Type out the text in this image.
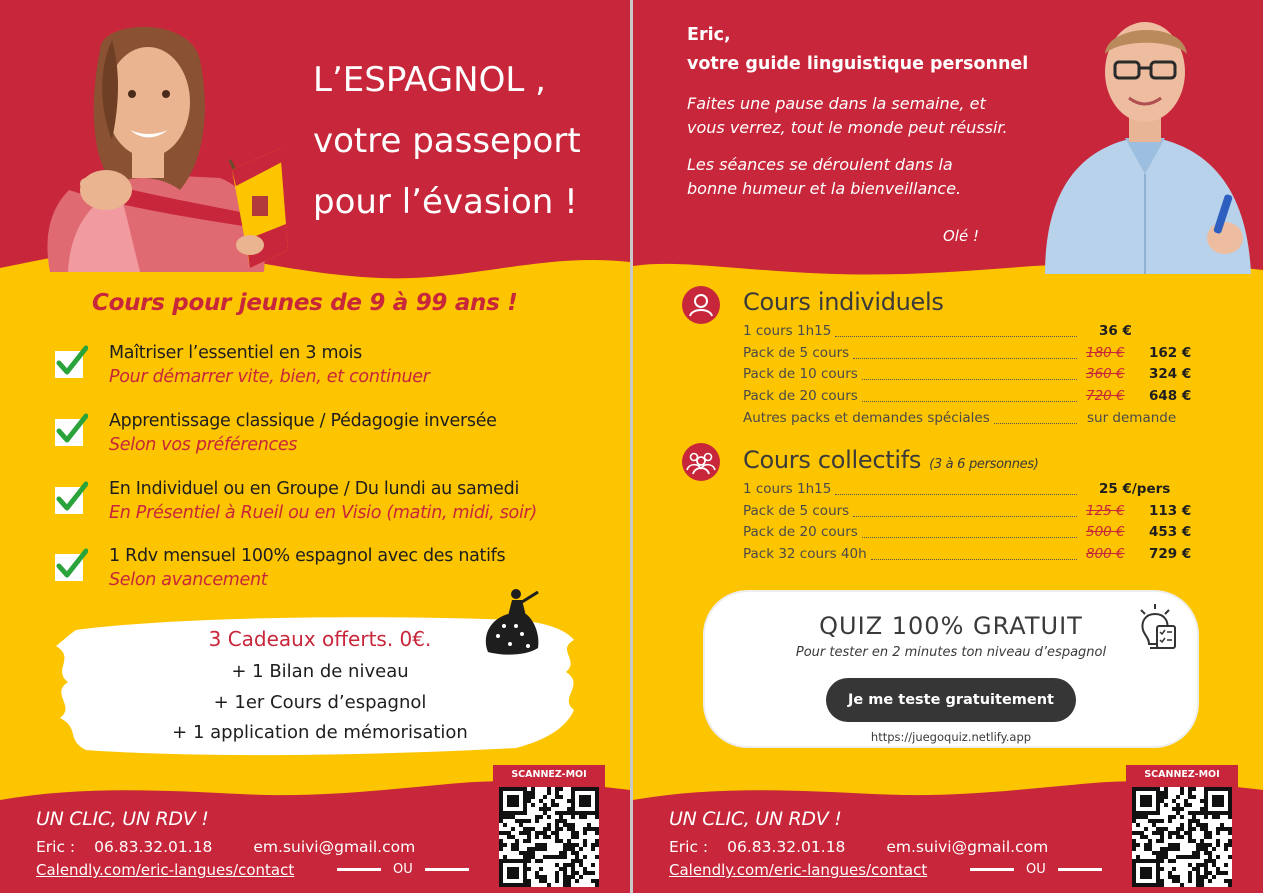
L’ESPAGNOL ,
votre passeport
pour l’évasion !
Cours pour jeunes de 9 à 99 ans !
Maîtriser l’essentiel en 3 mois
Pour démarrer vite, bien, et continuer
Apprentissage classique / Pédagogie inversée
Selon vos préférences
En Individuel ou en Groupe / Du lundi au samedi
En Présentiel à Rueil ou en Visio (matin, midi, soir)
1 Rdv mensuel 100% espagnol avec des natifs
Selon avancement
3 Cadeaux offerts. 0€.
+ 1 Bilan de niveau
+ 1er Cours d’espagnol
+ 1 application de mémorisation
UN CLIC, UN RDV !
Eric : 06.83.32.01.18	em.suivi@gmail.com
Calendly.com/eric-langues/contact	OU
SCANNEZ-MOI
Eric,
votre guide linguistique personnel
Faites une pause dans la semaine, et
vous verrez, tout le monde peut réussir.
Les séances se déroulent dans la
bonne humeur et la bienveillance.
Olé !
Cours individuels
1 cours 1h15	36 €
Pack de 5 cours	180 € 162 €
Pack de 10 cours	360 € 324 €
Pack de 20 cours	720 € 648 €
Autres packs et demandes spéciales	sur demande
Cours collectifs (3 à 6 personnes)
1 cours 1h15	25 €/pers
Pack de 5 cours	125 € 113 €
Pack de 20 cours	500 € 453 €
Pack 32 cours 40h	800 € 729 €
QUIZ 100% GRATUIT
Pour tester en 2 minutes ton niveau d’espagnol
Je me teste gratuitement
https://juegoquiz.netlify.app
UN CLIC, UN RDV !
Eric : 06.83.32.01.18	em.suivi@gmail.com
Calendly.com/eric-langues/contact	OU
SCANNEZ-MOI
